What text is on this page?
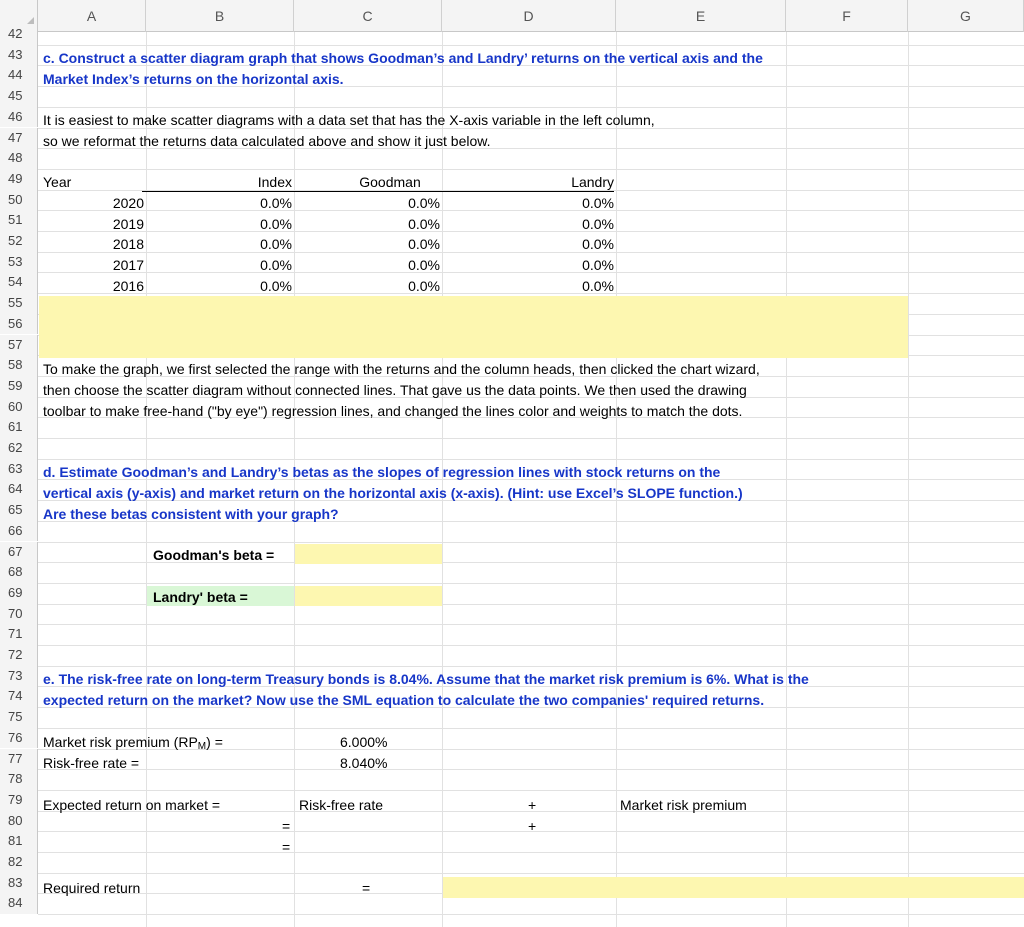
A	B	C	D	E	F	G
42
43
44
45
46
47
48
49
50
51
52
53
54
55
56
57
58
59
60
61
62
63
64
65
66
67
68
69
70
71
72
73
74
75
76
77
78
79
80
81
82
83
84
c. Construct a scatter diagram graph that shows Goodman’s and Landry’ returns on the vertical axis and the
Market Index’s returns on the horizontal axis.
It is easiest to make scatter diagrams with a data set that has the X-axis variable in the left column,
so we reformat the returns data calculated above and show it just below.
Year	Index	Goodman	Landry
2020	0.0%	0.0%	0.0%
2019	0.0%	0.0%	0.0%
2018	0.0%	0.0%	0.0%
2017	0.0%	0.0%	0.0%
2016	0.0%	0.0%	0.0%
To make the graph, we first selected the range with the returns and the column heads, then clicked the chart wizard,
then choose the scatter diagram without connected lines. That gave us the data points. We then used the drawing
toolbar to make free-hand ("by eye") regression lines, and changed the lines color and weights to match the dots.
d. Estimate Goodman’s and Landry’s betas as the slopes of regression lines with stock returns on the
vertical axis (y-axis) and market return on the horizontal axis (x-axis). (Hint: use Excel’s SLOPE function.)
Are these betas consistent with your graph?
Goodman's beta =
Landry' beta =
e. The risk-free rate on long-term Treasury bonds is 8.04%. Assume that the market risk premium is 6%. What is the
expected return on the market? Now use the SML equation to calculate the two companies' required returns.
Market risk premium $(RP_M)$ =	6.000%
Risk-free rate =	8.040%
Expected return on market =	Risk-free rate	+	Market risk premium
=	+
=
Required return	=
